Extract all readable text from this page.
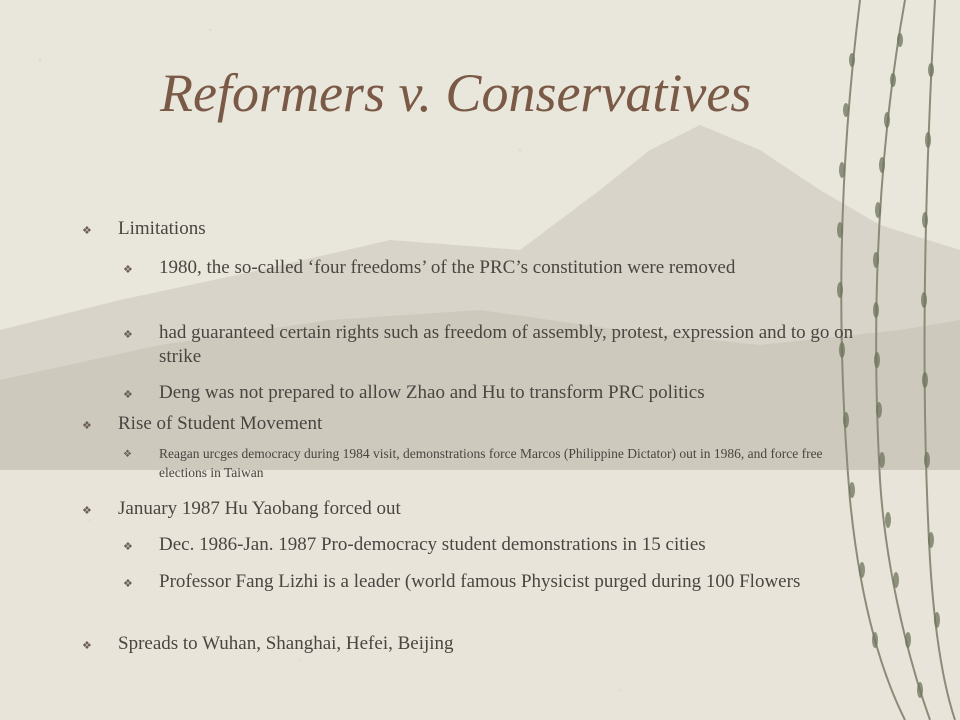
Reformers v. Conservatives
❖ Limitations
❖ 1980, the so-called ‘four freedoms’ of the PRC’s constitution were removed
❖ had guaranteed certain rights such as freedom of assembly, protest, expression and to go on strike
❖ Deng was not prepared to allow Zhao and Hu to transform PRC politics
❖ Rise of Student Movement
❖ Reagan urcges democracy during 1984 visit, demonstrations force Marcos (Philippine Dictator) out in 1986, and force free elections in Taiwan
❖ January 1987 Hu Yaobang forced out
❖ Dec. 1986-Jan. 1987 Pro-democracy student demonstrations in 15 cities
❖ Professor Fang Lizhi is a leader (world famous Physicist purged during 100 Flowers
❖ Spreads to Wuhan, Shanghai, Hefei, Beijing
